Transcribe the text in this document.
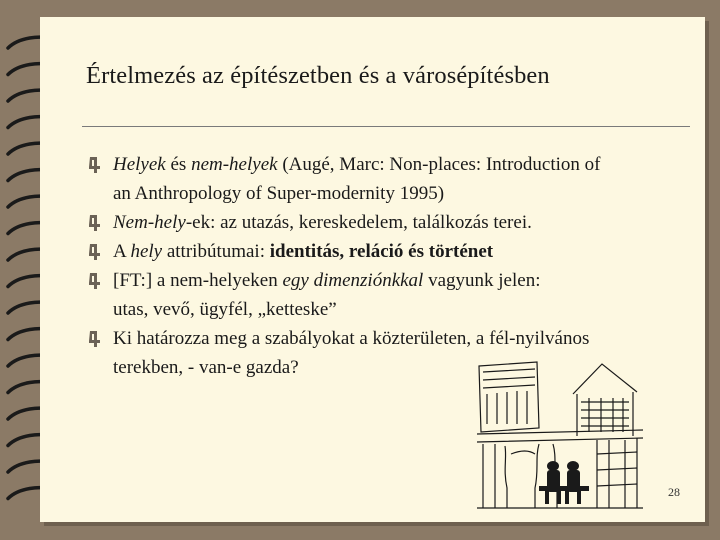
Értelmezés az építészetben és a városépítésben
Helyek és nem-helyek (Augé, Marc: Non-places: Introduction of
an Anthropology of Super-modernity 1995)
Nem-hely-ek: az utazás, kereskedelem, találkozás terei.
A hely attribútumai: identitás, reláció és történet
[FT:] a nem-helyeken egy dimenziónkkal vagyunk jelen:
utas, vevő, ügyfél, „ketteske”
Ki határozza meg a szabályokat a közterületen, a fél-nyilvános
terekben, - van-e gazda?
28
